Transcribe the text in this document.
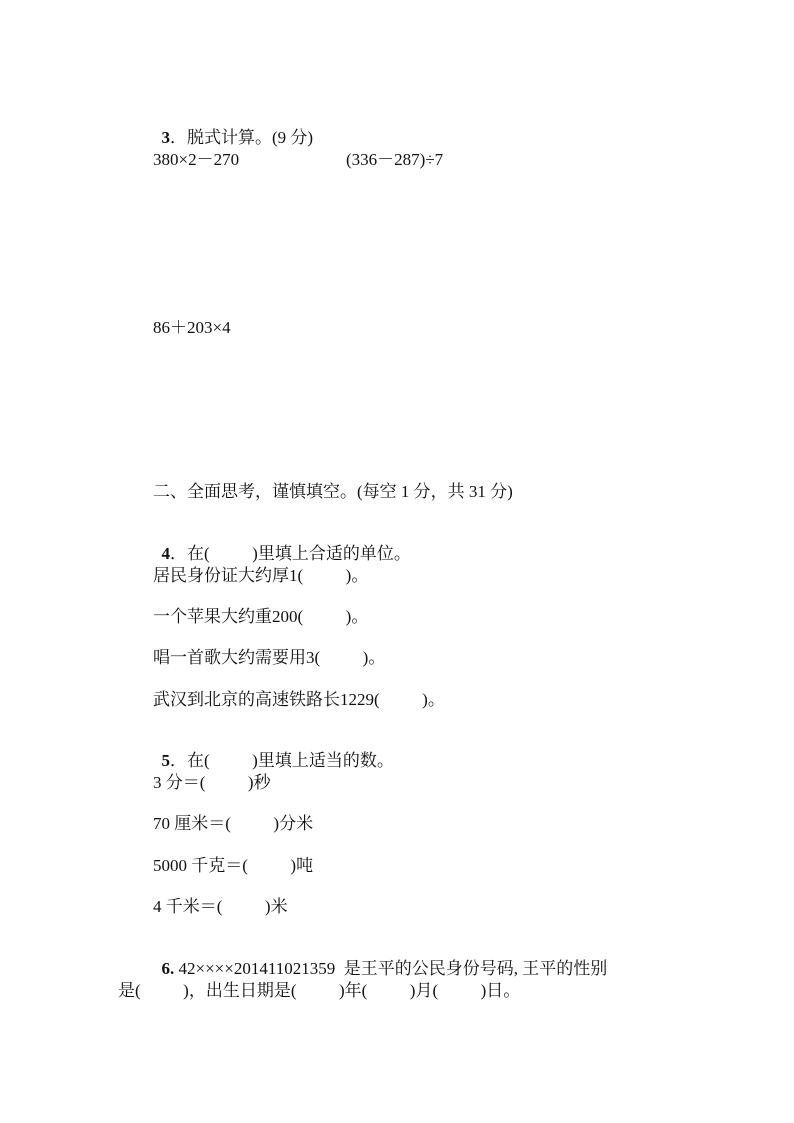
3．脱式计算。(9 分)

380×2－270	(336－287)÷7
86＋203×4
二、全面思考，谨慎填空。(每空 1 分，共 31 分)

4．在(          )里填上合适的单位。

居民身份证大约厚1(          )。
一个苹果大约重200(          )。
唱一首歌大约需要用3(          )。
武汉到北京的高速铁路长1229(          )。

5．在(          )里填上适当的数。

3 分＝(          )秒
70 厘米＝(          )分米
5000 千克＝(          )吨
4 千米＝(          )米

6. 42××××201411021359  是王平的公民身份号码, 王平的性别

是(          )，出生日期是(          )年(          )月(          )日。
